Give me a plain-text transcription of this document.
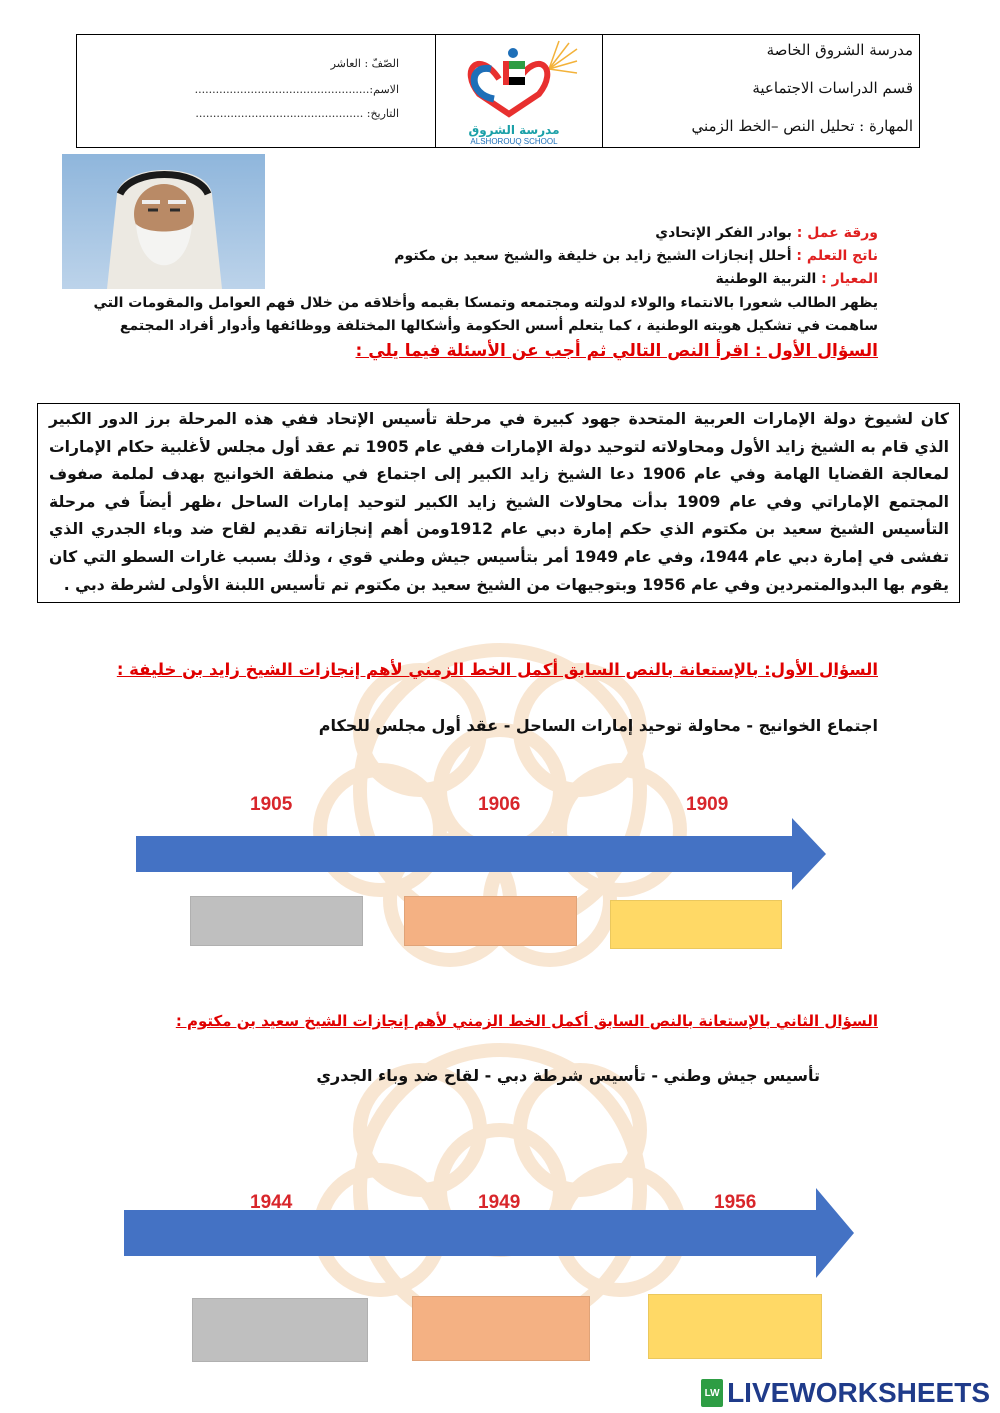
مدرسة الشروق الخاصة
قسم الدراسات الاجتماعية
المهارة : تحليل النص –الخط الزمني
الصّفّ : العاشر
الاسم:..................................................
التاريخ: ................................................
مدرسة الشروق
ALSHOROUQ SCHOOL
ورقة عمل : بوادر الفكر الإتحادي
ناتج التعلم : أحلل إنجازات الشيخ زايد بن خليفة والشيخ سعيد بن مكتوم
المعيار : التربية الوطنية
يظهر الطالب شعورا بالانتماء والولاء لدولته ومجتمعه وتمسكا بقيمه وأخلاقه من خلال فهم العوامل والمقومات التي
ساهمت في تشكيل هويته الوطنية ، كما يتعلم أسس الحكومة وأشكالها المختلفة ووظائفها وأدوار أفراد المجتمع
السؤال الأول : اقرأ النص التالي ثم أجب عن الأسئلة فيما يلي :
كان لشيوخ دولة الإمارات العربية المتحدة جهود كبيرة في مرحلة تأسيس الإتحاد ففي هذه المرحلة برز الدور الكبير الذي قام به الشيخ زايد الأول ومحاولاته لتوحيد دولة الإمارات ففي عام 1905 تم عقد أول مجلس لأغلبية حكام الإمارات لمعالجة القضايا الهامة وفي عام 1906 دعا الشيخ زايد الكبير إلى اجتماع في منطقة الخوانيج بهدف لملمة صفوف المجتمع الإماراتي وفي عام 1909 بدأت محاولات الشيخ زايد الكبير لتوحيد إمارات الساحل ،ظهر أيضاً في مرحلة التأسيس الشيخ سعيد بن مكتوم الذي حكم إمارة دبي عام 1912ومن أهم إنجازاته تقديم لقاح ضد وباء الجدري الذي تفشى في إمارة دبي عام 1944، وفي عام 1949 أمر بتأسيس جيش وطني قوي ، وذلك بسبب غارات السطو التي كان يقوم بها البدوالمتمردين وفي عام 1956 وبتوجيهات من الشيخ سعيد بن مكتوم تم تأسيس اللبنة الأولى لشرطة دبي .
السؤال الأول: بالإستعانة بالنص السابق أكمل الخط الزمني لأهم إنجازات الشيخ زايد بن خليفة :
اجتماع الخوانيج - محاولة توحيد إمارات الساحل - عقد أول مجلس للحكام
1905	1906	1909
السؤال الثاني بالإستعانة بالنص السابق أكمل الخط الزمني لأهم إنجازات الشيخ سعيد بن مكتوم :
تأسيس جيش وطني - تأسيس شرطة دبي - لقاح ضد وباء الجدري
1944	1949	1956
LW LIVEWORKSHEETS
